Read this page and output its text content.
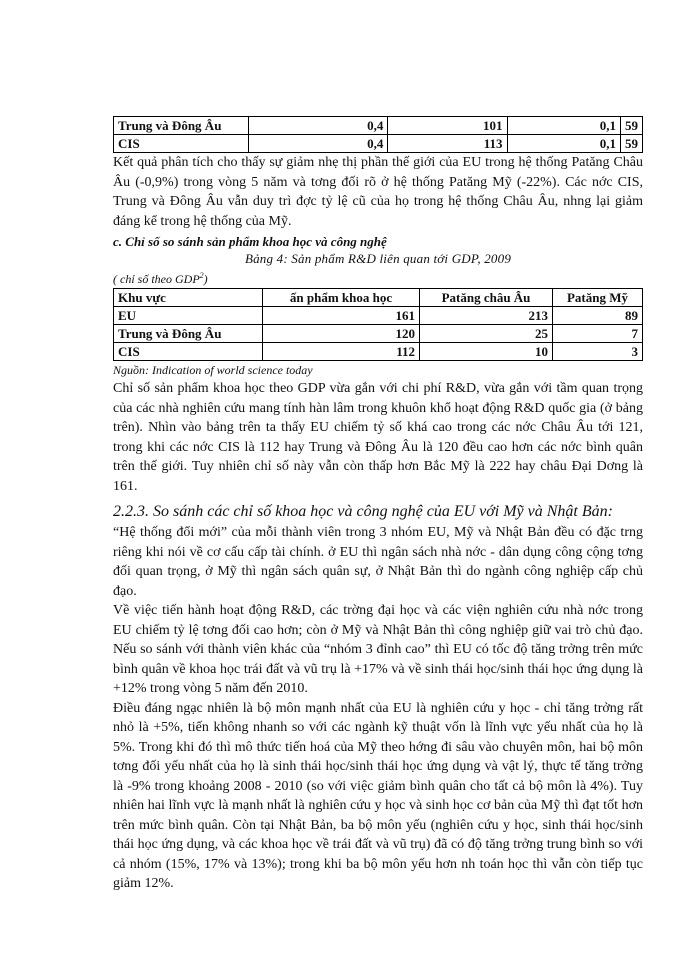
Trung và Đông Âu	0,4	101	0,1	59
CIS	0,4	113	0,1	59

Kết quả phân tích cho thấy sự giảm nhẹ thị phần thế giới của EU trong hệ thống Patăng Châu Âu (-0,9%) trong vòng 5 năm và tơng đối rõ ở hệ thống Patăng Mỹ (-22%). Các nớc CIS, Trung và Đông Âu vẫn duy trì đợc tỷ lệ cũ của họ trong hệ thống Châu Âu, nhng lại giảm đáng kể trong hệ thống của Mỹ.

c. Chỉ số so sánh sản phẩm khoa học và công nghệ
Bảng 4: Sản phẩm R&D liên quan tới GDP, 2009
( chỉ số theo GDP$^2$)
Khu vực	ấn phẩm khoa học	Patăng châu Âu	Patăng Mỹ
EU	161	213	89
Trung và Đông Âu	120	25	7
CIS	112	10	3
Nguồn: Indication of world science today

Chỉ số sản phẩm khoa học theo GDP vừa gắn với chi phí R&D, vừa gắn với tầm quan trọng của các nhà nghiên cứu mang tính hàn lâm trong khuôn khổ hoạt động R&D quốc gia (ở bảng trên). Nhìn vào bảng trên ta thấy EU chiếm tỷ số khá cao trong các nớc Châu Âu tới 121, trong khi các nớc CIS là 112 hay Trung và Đông Âu là 120 đều cao hơn các nớc bình quân trên thế giới. Tuy nhiên chỉ số này vẫn còn thấp hơn Bắc Mỹ là 222 hay châu Đại Dơng là 161.

2.2.3. So sánh các chỉ số khoa học và công nghệ của EU với Mỹ và Nhật Bản:

“Hệ thống đổi mới” của mỗi thành viên trong 3 nhóm EU, Mỹ và Nhật Bản đều có đặc trng riêng khi nói về cơ cấu cấp tài chính. ở EU thì ngân sách nhà nớc - dân dụng công cộng tơng đối quan trọng, ở Mỹ thì ngân sách quân sự, ở Nhật Bản thì do ngành công nghiệp cấp chủ đạo.

Về việc tiến hành hoạt động R&D, các trờng đại học và các viện nghiên cứu nhà nớc trong EU chiếm tỷ lệ tơng đối cao hơn; còn ở Mỹ và Nhật Bản thì công nghiệp giữ vai trò chủ đạo. Nếu so sánh với thành viên khác của “nhóm 3 đỉnh cao” thì EU có tốc độ tăng trởng trên mức bình quân về khoa học trái đất và vũ trụ là +17% và về sinh thái học/sinh thái học ứng dụng là +12% trong vòng 5 năm đến 2010.

Điều đáng ngạc nhiên là bộ môn mạnh nhất của EU là nghiên cứu y học - chỉ tăng trởng rất nhỏ là +5%, tiến không nhanh so với các ngành kỹ thuật vốn là lĩnh vực yếu nhất của họ là 5%. Trong khi đó thì mô thức tiến hoá của Mỹ theo hớng đi sâu vào chuyên môn, hai bộ môn tơng đối yếu nhất của họ là sinh thái học/sinh thái học ứng dụng và vật lý, thực tế tăng trởng là -9% trong khoảng 2008 - 2010 (so với việc giảm bình quân cho tất cả bộ môn là 4%). Tuy nhiên hai lĩnh vực là mạnh nhất là nghiên cứu y học và sinh học cơ bản của Mỹ thì đạt tốt hơn trên mức bình quân. Còn tại Nhật Bản, ba bộ môn yếu (nghiên cứu y học, sinh thái học/sinh thái học ứng dụng, và các khoa học về trái đất và vũ trụ) đã có độ tăng trởng trung bình so với cả nhóm (15%, 17% và 13%); trong khi ba bộ môn yếu hơn nh toán học thì vẫn còn tiếp tục giảm 12%.
